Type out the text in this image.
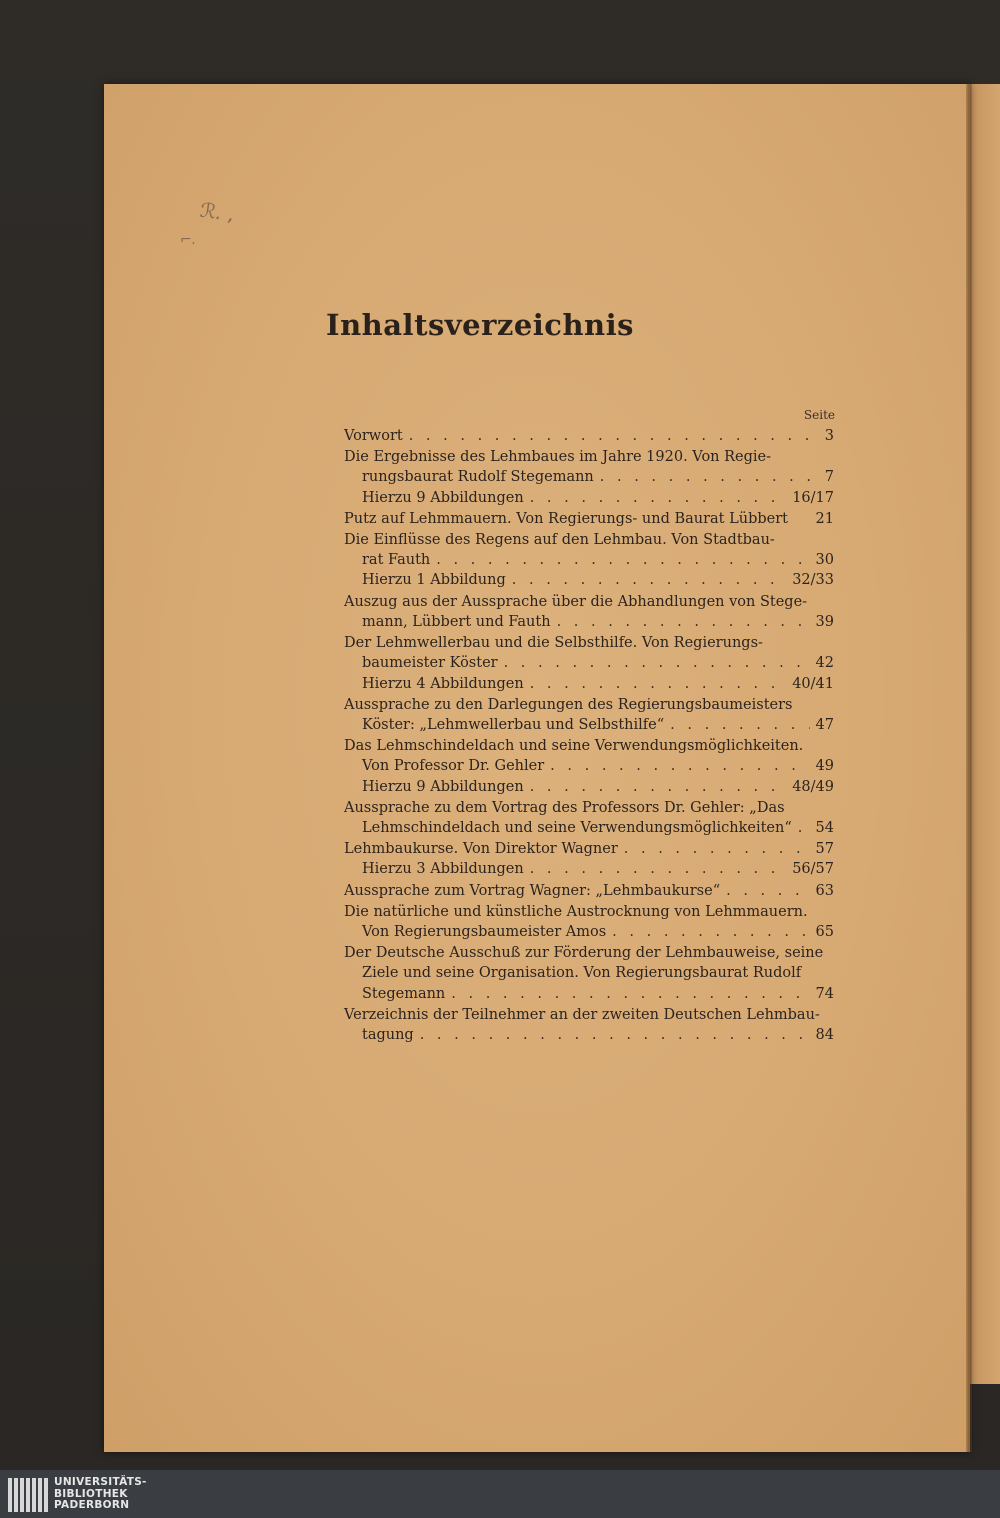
ℛ. ,
⌐.
Inhaltsverzeichnis
Seite
Vorwort . . .	3
Die Ergebnisse des Lehmbaues im Jahre 1920. Von Regie-
rungsbaurat Rudolf Stegemann . . .	7
Hierzu 9 Abbildungen . . .	16/17
Putz auf Lehmmauern. Von Regierungs- und Baurat Lübbert 21
Die Einflüsse des Regens auf den Lehmbau. Von Stadtbau-
rat Fauth . . .	30
Hierzu 1 Abbildung . . .	32/33
Auszug aus der Aussprache über die Abhandlungen von Stege-
mann, Lübbert und Fauth . . .	39
Der Lehmwellerbau und die Selbsthilfe. Von Regierungs-
baumeister Köster . . .	42
Hierzu 4 Abbildungen . . .	40/41
Aussprache zu den Darlegungen des Regierungsbaumeisters
Köster: „Lehmwellerbau und Selbsthilfe“ . . .	47
Das Lehmschindeldach und seine Verwendungsmöglichkeiten.
Von Professor Dr. Gehler . . .	49
Hierzu 9 Abbildungen . . .	48/49
Aussprache zu dem Vortrag des Professors Dr. Gehler: „Das
Lehmschindeldach und seine Verwendungsmöglichkeiten“ . . . 54
Lehmbaukurse. Von Direktor Wagner . . .	57
Hierzu 3 Abbildungen . . .	56/57
Aussprache zum Vortrag Wagner: „Lehmbaukurse“ . . .	63
Die natürliche und künstliche Austrocknung von Lehmmauern.
Von Regierungsbaumeister Amos . . .	65
Der Deutsche Ausschuß zur Förderung der Lehmbauweise, seine
Ziele und seine Organisation. Von Regierungsbaurat Rudolf
Stegemann . . .	74
Verzeichnis der Teilnehmer an der zweiten Deutschen Lehmbau-
tagung . . .	84
UNIVERSITÄTS-
BIBLIOTHEK
PADERBORN
